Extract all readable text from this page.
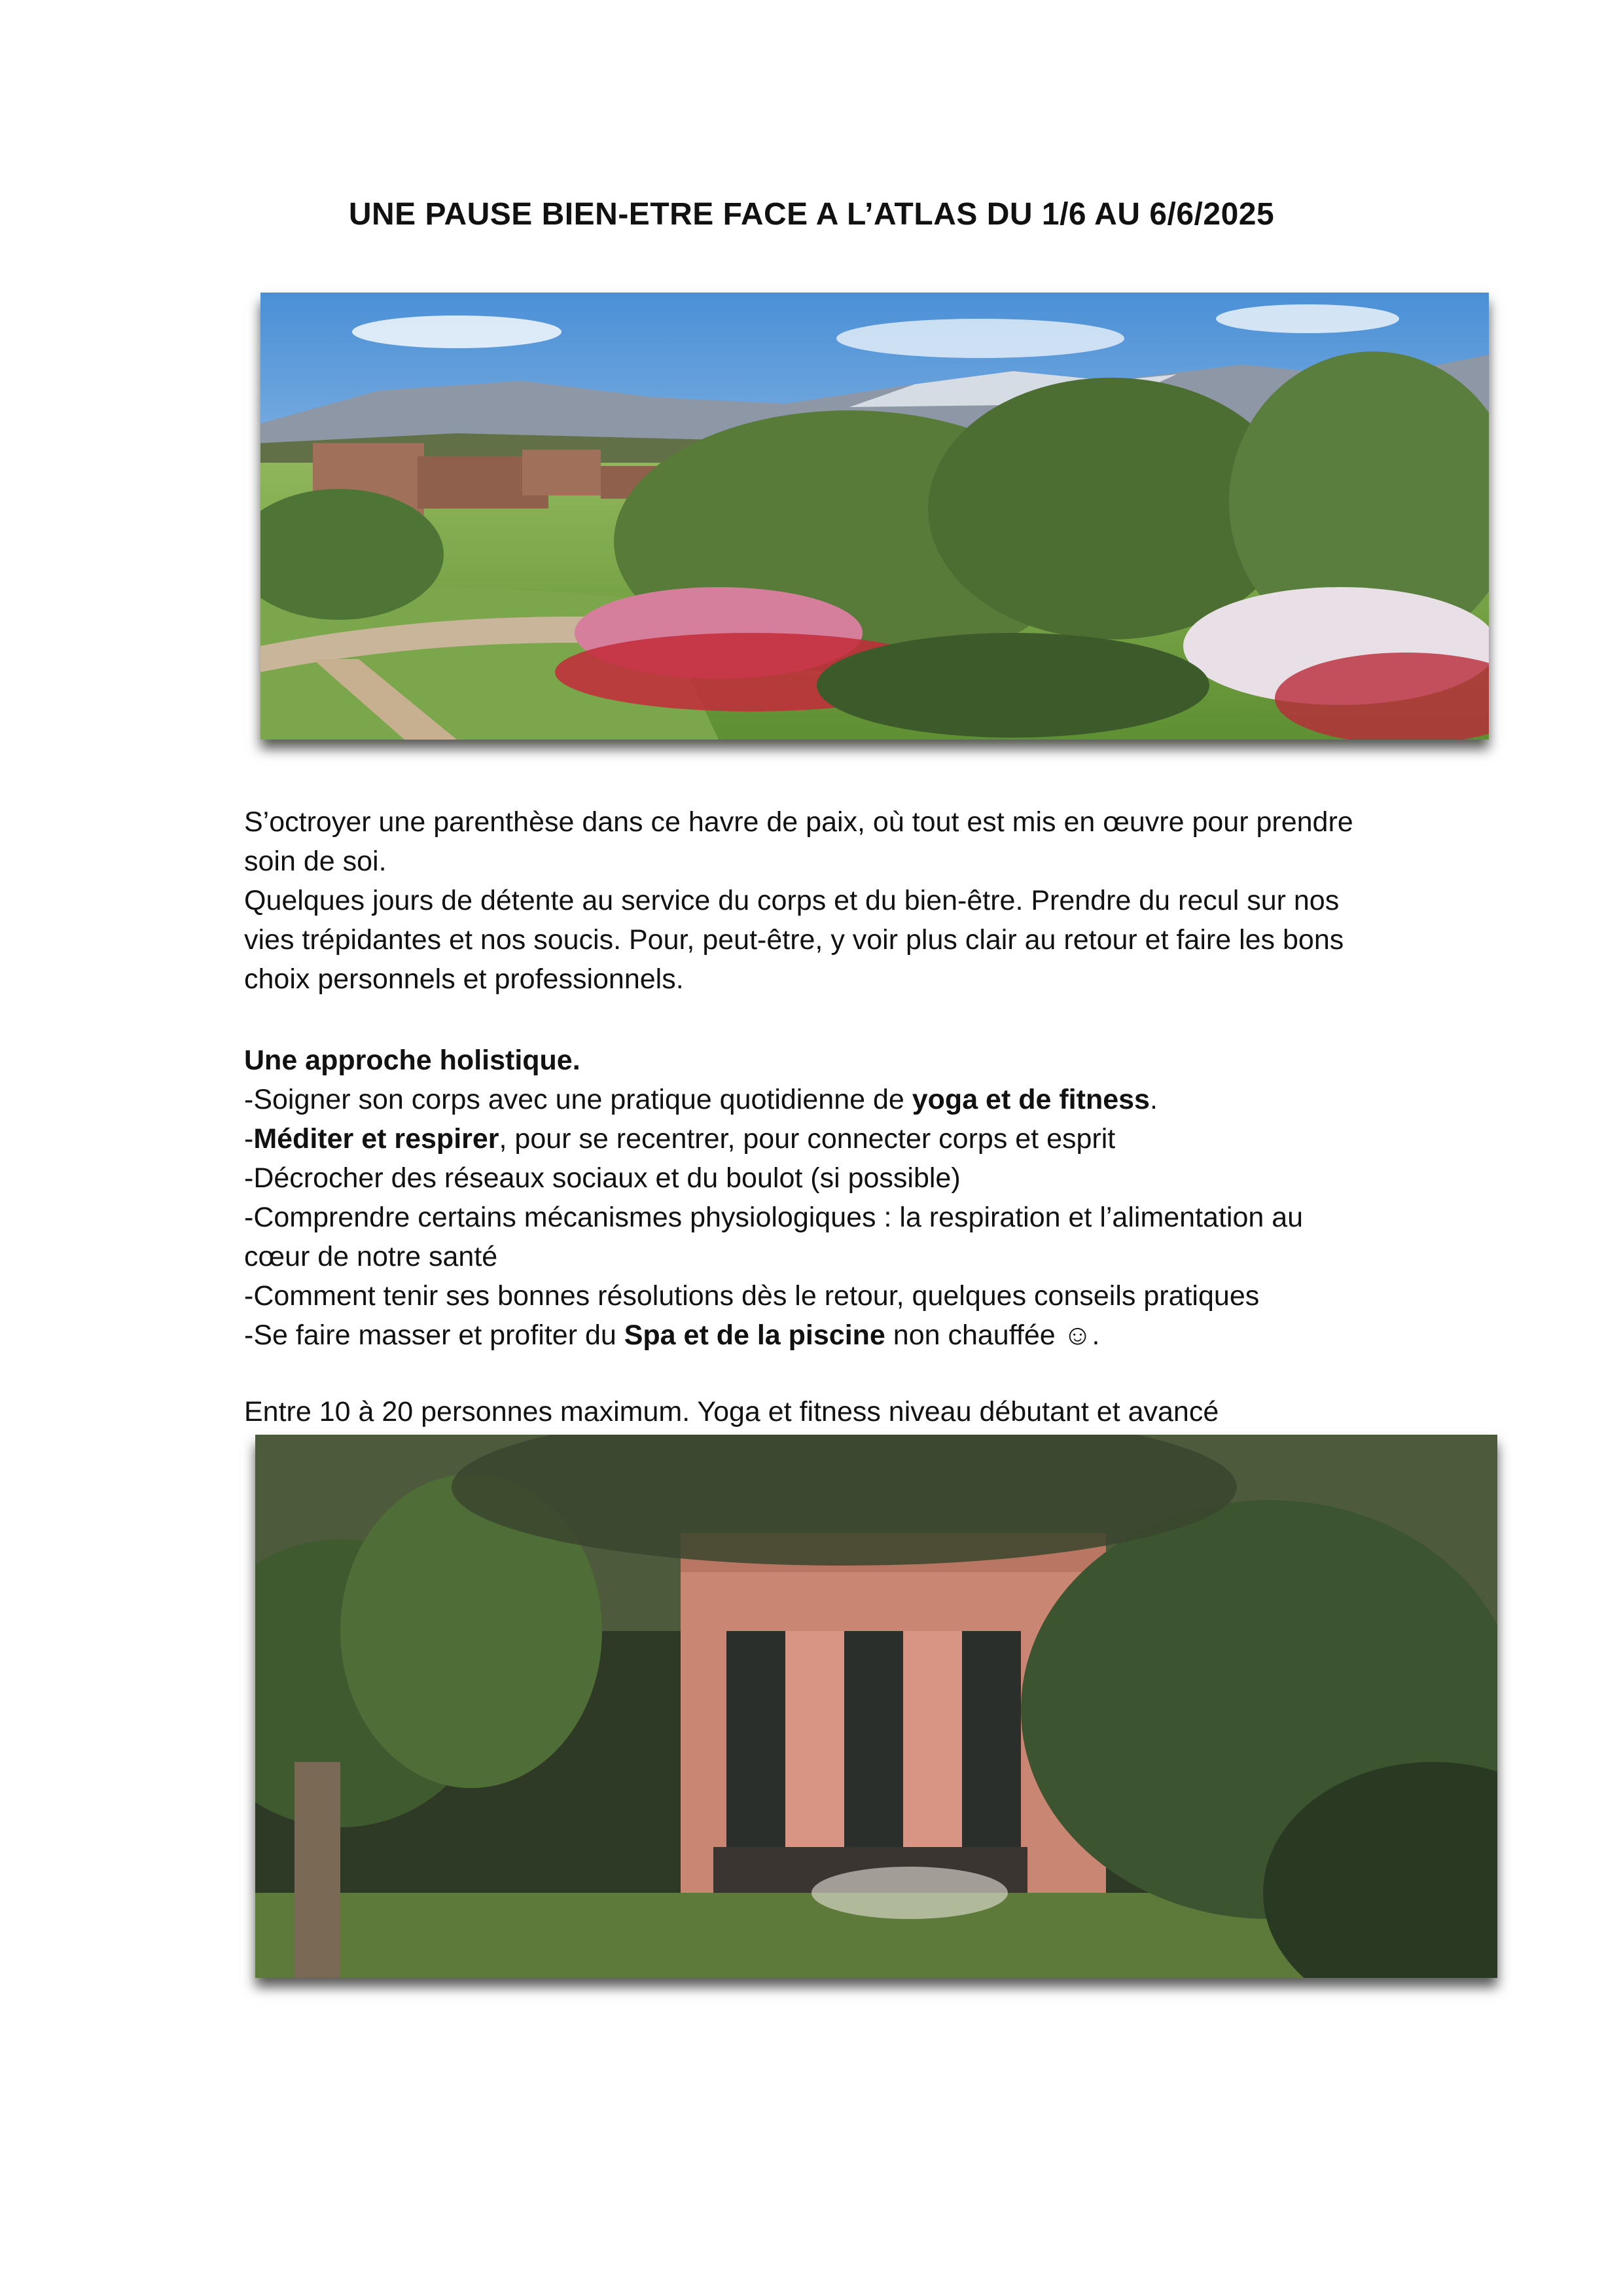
UNE PAUSE BIEN-ETRE FACE A L’ATLAS DU 1/6 AU 6/6/2025

S’octroyer une parenthèse dans ce havre de paix, où tout est mis en œuvre pour prendre

soin de soi.

Quelques jours de détente au service du corps et du bien-être. Prendre du recul sur nos

vies trépidantes et nos soucis. Pour, peut-être, y voir plus clair au retour et faire les bons

choix personnels et professionnels.

Une approche holistique.

-Soigner son corps avec une pratique quotidienne de yoga et de fitness.

-Méditer et respirer, pour se recentrer, pour connecter corps et esprit

-Décrocher des réseaux sociaux et du boulot (si possible)

-Comprendre certains mécanismes physiologiques : la respiration et l’alimentation au

cœur de notre santé

-Comment tenir ses bonnes résolutions dès le retour, quelques conseils pratiques

-Se faire masser et profiter du Spa et de la piscine non chauffée ☺.

Entre 10 à 20 personnes maximum. Yoga et fitness niveau débutant et avancé
